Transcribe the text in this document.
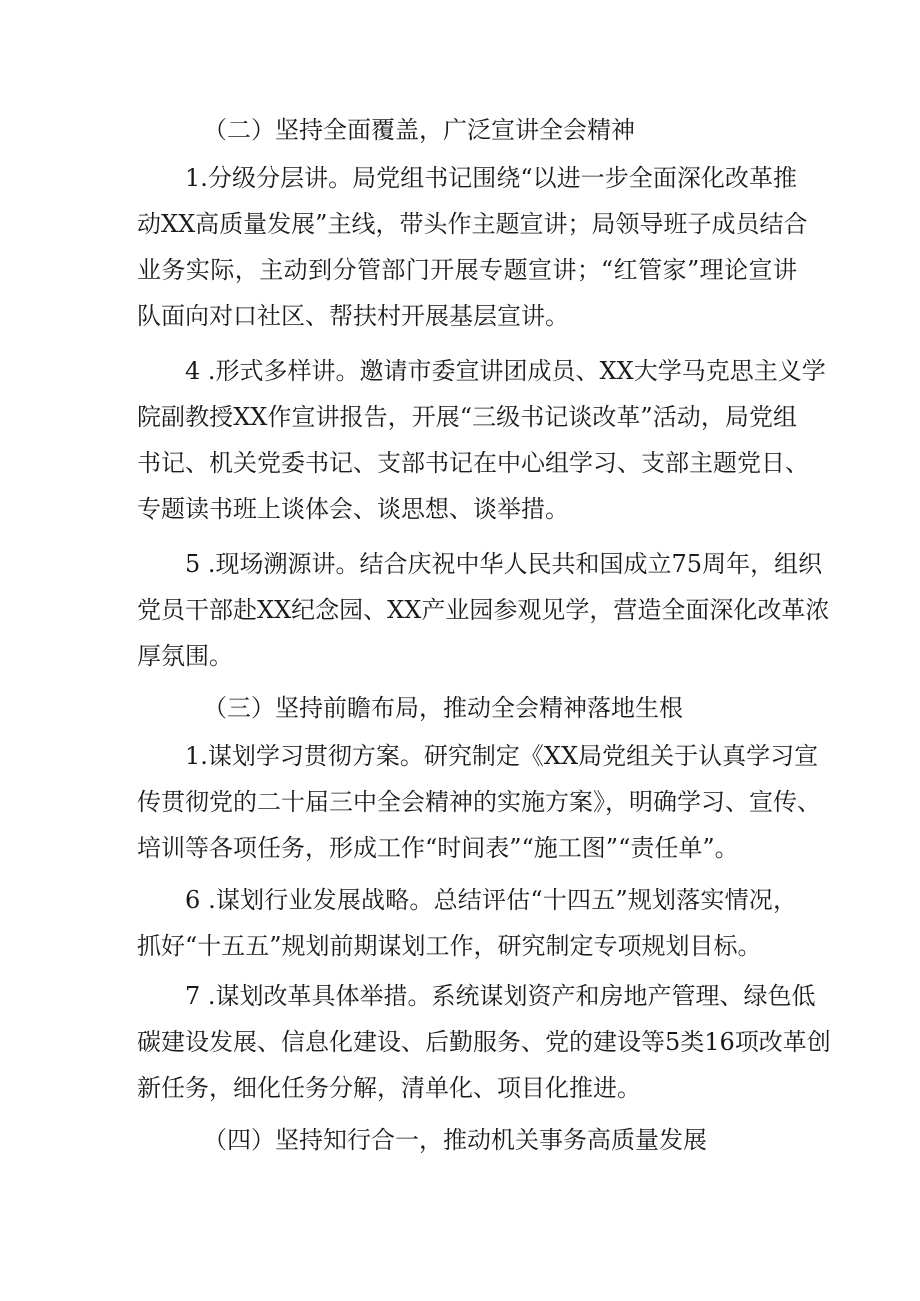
（二）坚持全面覆盖，广泛宣讲全会精神
1.分级分层讲。局党组书记围绕“以进一步全面深化改革推
动XX高质量发展”主线，带头作主题宣讲；局领导班子成员结合
业务实际，主动到分管部门开展专题宣讲；“红管家”理论宣讲
队面向对口社区、帮扶村开展基层宣讲。
4 .形式多样讲。邀请市委宣讲团成员、XX大学马克思主义学
院副教授XX作宣讲报告，开展“三级书记谈改革”活动，局党组
书记、机关党委书记、支部书记在中心组学习、支部主题党日、
专题读书班上谈体会、谈思想、谈举措。
5 .现场溯源讲。结合庆祝中华人民共和国成立75周年，组织
党员干部赴XX纪念园、XX产业园参观见学，营造全面深化改革浓
厚氛围。
（三）坚持前瞻布局，推动全会精神落地生根
1.谋划学习贯彻方案。研究制定《XX局党组关于认真学习宣
传贯彻党的二十届三中全会精神的实施方案》，明确学习、宣传、
培训等各项任务，形成工作“时间表”“施工图”“责任单”。
6 .谋划行业发展战略。总结评估“十四五”规划落实情况，
抓好“十五五”规划前期谋划工作，研究制定专项规划目标。
7 .谋划改革具体举措。系统谋划资产和房地产管理、绿色低
碳建设发展、信息化建设、后勤服务、党的建设等5类16项改革创
新任务，细化任务分解，清单化、项目化推进。
（四）坚持知行合一，推动机关事务高质量发展
